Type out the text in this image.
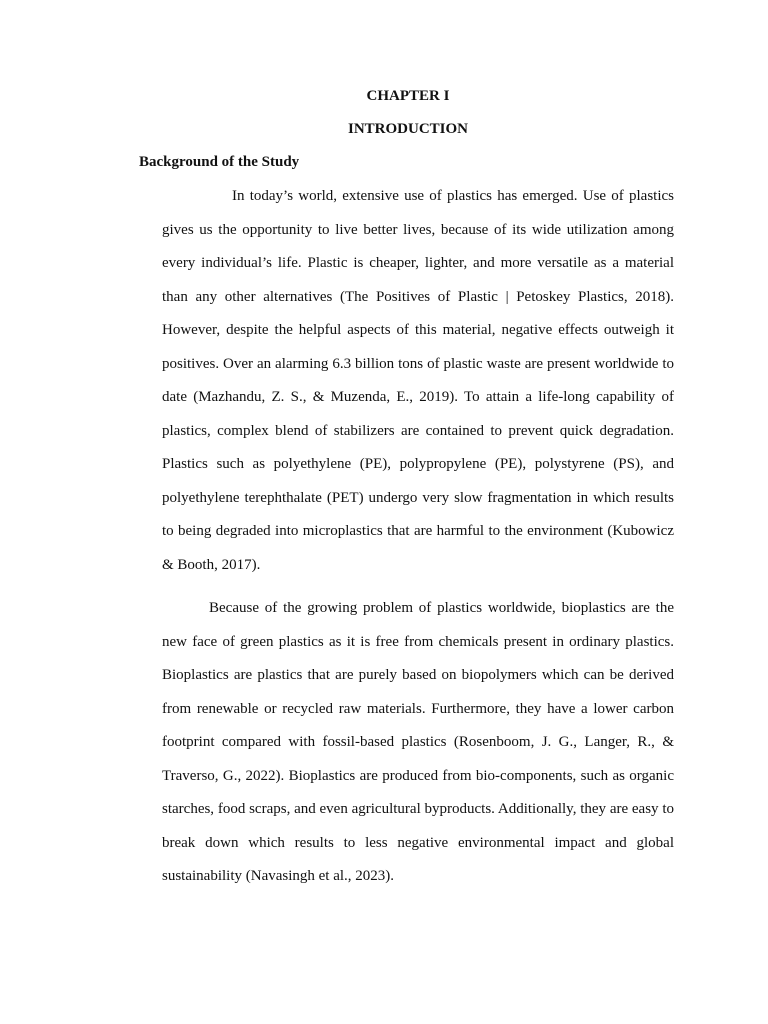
CHAPTER I
INTRODUCTION
Background of the Study

In today’s world, extensive use of plastics has emerged. Use of plastics gives us the opportunity to live better lives, because of its wide utilization among every individual’s life. Plastic is cheaper, lighter, and more versatile as a material than any other alternatives (The Positives of Plastic | Petoskey Plastics, 2018). However, despite the helpful aspects of this material, negative effects outweigh it positives. Over an alarming 6.3 billion tons of plastic waste are present worldwide to date (Mazhandu, Z. S., & Muzenda, E., 2019). To attain a life-long capability of plastics, complex blend of stabilizers are contained to prevent quick degradation. Plastics such as polyethylene (PE), polypropylene (PE), polystyrene (PS), and polyethylene terephthalate (PET) undergo very slow fragmentation in which results to being degraded into microplastics that are harmful to the environment (Kubowicz & Booth, 2017).

Because of the growing problem of plastics worldwide, bioplastics are the new face of green plastics as it is free from chemicals present in ordinary plastics. Bioplastics are plastics that are purely based on biopolymers which can be derived from renewable or recycled raw materials. Furthermore, they have a lower carbon footprint compared with fossil-based plastics (Rosenboom, J. G., Langer, R., & Traverso, G., 2022). Bioplastics are produced from bio-components, such as organic starches, food scraps, and even agricultural byproducts. Additionally, they are easy to break down which results to less negative environmental impact and global sustainability (Navasingh et al., 2023).
